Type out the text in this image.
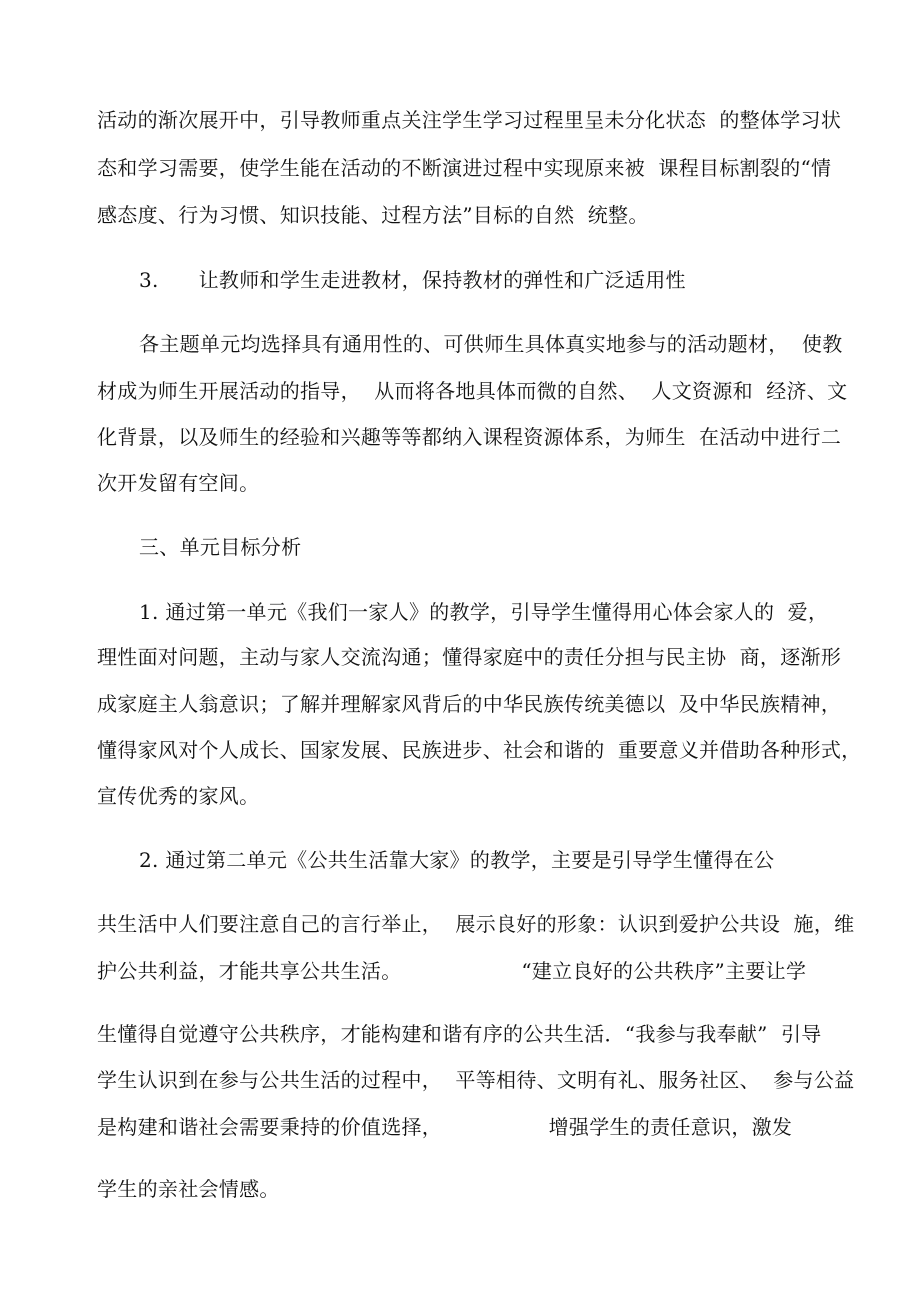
活动的渐次展开中，引导教师重点关注学生学习过程里呈未分化状态  的整体学习状
态和学习需要，使学生能在活动的不断演进过程中实现原来被  课程目标割裂的“情
感态度、行为习惯、知识技能、过程方法”目标的自然  统整。
3.      让教师和学生走进教材，保持教材的弹性和广泛适用性
各主题单元均选择具有通用性的、可供师生具体真实地参与的活动题材，  使教
材成为师生开展活动的指导，  从而将各地具体而微的自然、  人文资源和  经济、文
化背景，以及师生的经验和兴趣等等都纳入课程资源体系，为师生  在活动中进行二
次开发留有空间。
三、单元目标分析
1. 通过第一单元《我们一家人》的教学，引导学生懂得用心体会家人的  爱，
理性面对问题，主动与家人交流沟通；懂得家庭中的责任分担与民主协  商，逐渐形
成家庭主人翁意识；了解并理解家风背后的中华民族传统美德以  及中华民族精神，
懂得家风对个人成长、国家发展、民族进步、社会和谐的  重要意义并借助各种形式，
宣传优秀的家风。
2. 通过第二单元《公共生活靠大家》的教学，主要是引导学生懂得在公
共生活中人们要注意自己的言行举止，  展示良好的形象：认识到爱护公共设  施，维
护公共利益，才能共享公共生活。                  “建立良好的公共秩序”主要让学
生懂得自觉遵守公共秩序，才能构建和谐有序的公共生活．“我参与我奉献”  引导
学生认识到在参与公共生活的过程中，  平等相待、文明有礼、服务社区、  参与公益
是构建和谐社会需要秉持的价值选择，                增强学生的责任意识，激发
学生的亲社会情感。
